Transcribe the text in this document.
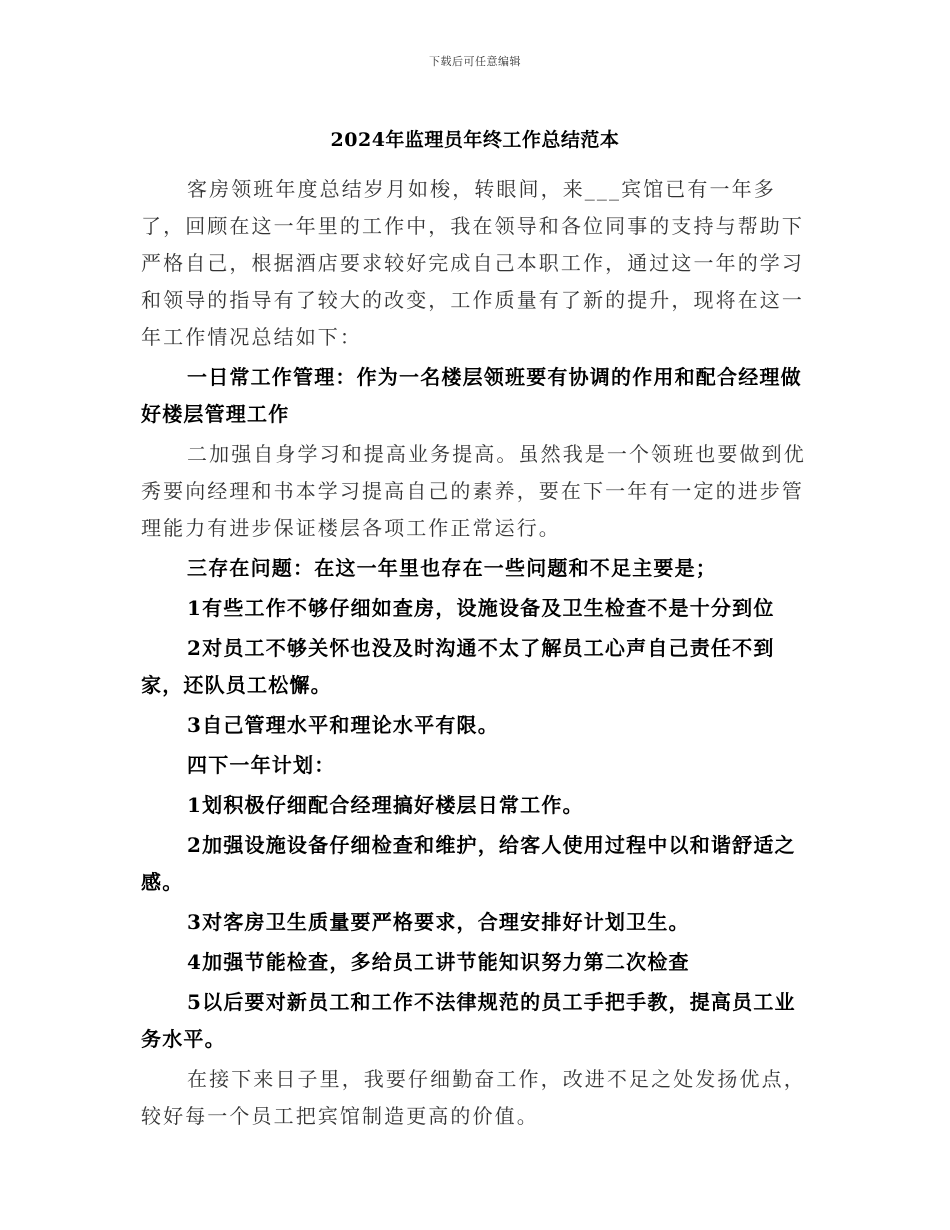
下载后可任意编辑
2024年监理员年终工作总结范本

客房领班年度总结岁月如梭，转眼间，来___宾馆已有一年多了，回顾在这一年里的工作中，我在领导和各位同事的支持与帮助下严格自己，根据酒店要求较好完成自己本职工作，通过这一年的学习和领导的指导有了较大的改变，工作质量有了新的提升，现将在这一年工作情况总结如下：

一日常工作管理：作为一名楼层领班要有协调的作用和配合经理做好楼层管理工作

二加强自身学习和提高业务提高。虽然我是一个领班也要做到优秀要向经理和书本学习提高自己的素养，要在下一年有一定的进步管理能力有进步保证楼层各项工作正常运行。

三存在问题：在这一年里也存在一些问题和不足主要是；

1有些工作不够仔细如查房，设施设备及卫生检查不是十分到位

2对员工不够关怀也没及时沟通不太了解员工心声自己责任不到家，还队员工松懈。

3自己管理水平和理论水平有限。

四下一年计划：

1划积极仔细配合经理搞好楼层日常工作。

2加强设施设备仔细检查和维护，给客人使用过程中以和谐舒适之感。

3对客房卫生质量要严格要求，合理安排好计划卫生。

4加强节能检查，多给员工讲节能知识努力第二次检查

5以后要对新员工和工作不法律规范的员工手把手教，提高员工业务水平。

在接下来日子里，我要仔细勤奋工作，改进不足之处发扬优点，较好每一个员工把宾馆制造更高的价值。
